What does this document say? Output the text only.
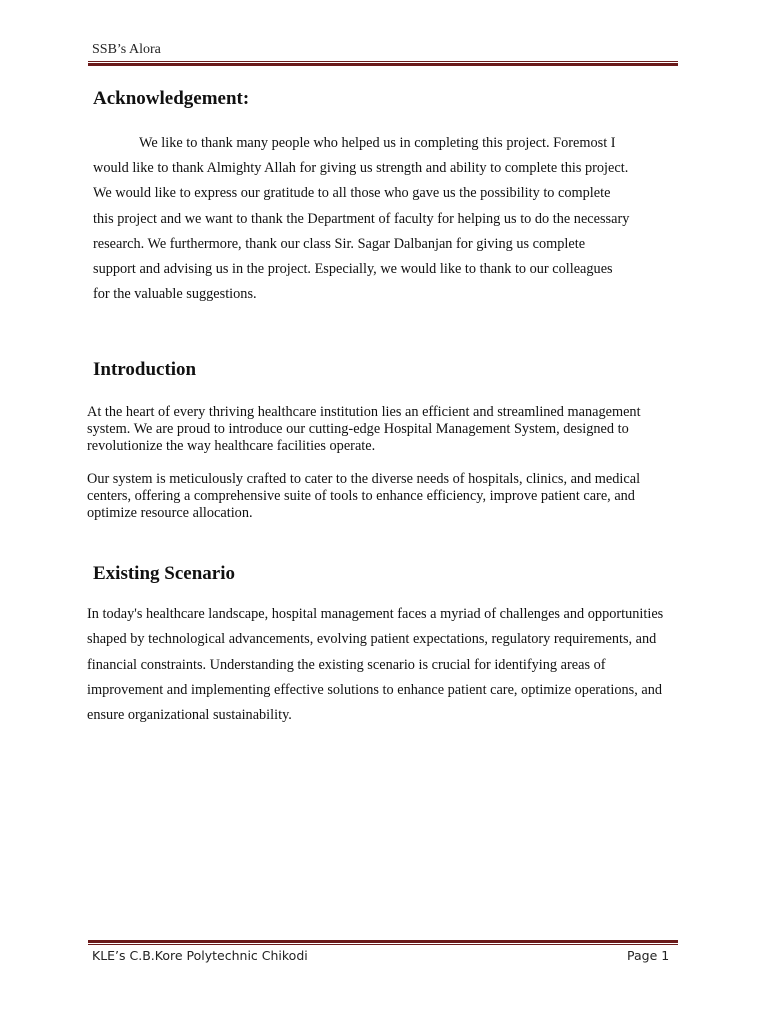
SSB’s Alora
Acknowledgement:
We like to thank many people who helped us in completing this project. Foremost I
would like to thank Almighty Allah for giving us strength and ability to complete this project.
We would like to express our gratitude to all those who gave us the possibility to complete
this project and we want to thank the Department of faculty for helping us to do the necessary
research. We furthermore, thank our class Sir. Sagar Dalbanjan for giving us complete
support and advising us in the project. Especially, we would like to thank to our colleagues
for the valuable suggestions.
Introduction
At the heart of every thriving healthcare institution lies an efficient and streamlined management
system. We are proud to introduce our cutting-edge Hospital Management System, designed to
revolutionize the way healthcare facilities operate.
Our system is meticulously crafted to cater to the diverse needs of hospitals, clinics, and medical
centers, offering a comprehensive suite of tools to enhance efficiency, improve patient care, and
optimize resource allocation.
Existing Scenario
In today's healthcare landscape, hospital management faces a myriad of challenges and opportunities
shaped by technological advancements, evolving patient expectations, regulatory requirements, and
financial constraints. Understanding the existing scenario is crucial for identifying areas of
improvement and implementing effective solutions to enhance patient care, optimize operations, and
ensure organizational sustainability.
KLE’s C.B.Kore Polytechnic Chikodi	Page 1
